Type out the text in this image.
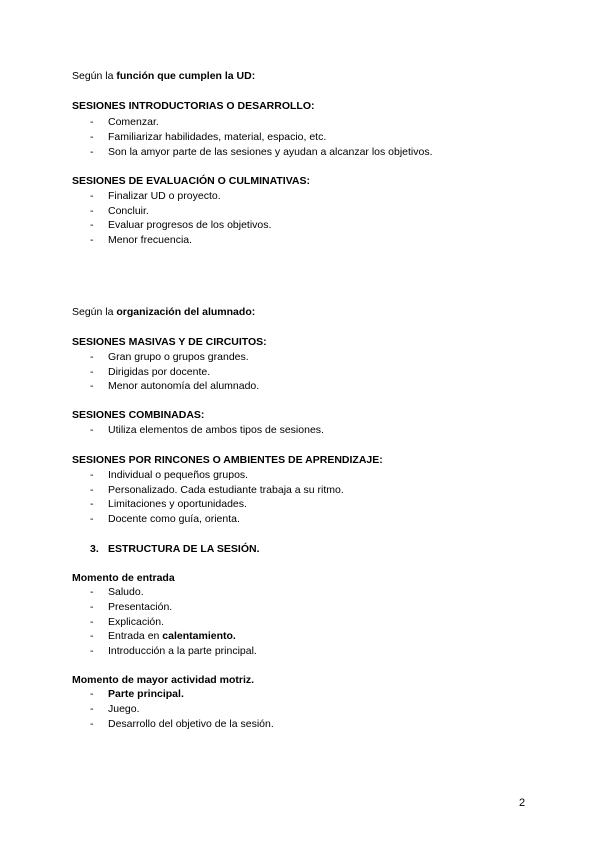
Según la función que cumplen la UD:
SESIONES INTRODUCTORIAS O DESARROLLO:
- Comenzar.
- Familiarizar habilidades, material, espacio, etc.
- Son la amyor parte de las sesiones y ayudan a alcanzar los objetivos.
SESIONES DE EVALUACIÓN O CULMINATIVAS:
- Finalizar UD o proyecto.
- Concluir.
- Evaluar progresos de los objetivos.
- Menor frecuencia.
Según la organización del alumnado:
SESIONES MASIVAS Y DE CIRCUITOS:
- Gran grupo o grupos grandes.
- Dirigidas por docente.
- Menor autonomía del alumnado.
SESIONES COMBINADAS:
- Utiliza elementos de ambos tipos de sesiones.
SESIONES POR RINCONES O AMBIENTES DE APRENDIZAJE:
- Individual o pequeños grupos.
- Personalizado. Cada estudiante trabaja a su ritmo.
- Limitaciones y oportunidades.
- Docente como guía, orienta.
3. ESTRUCTURA DE LA SESIÓN.
Momento de entrada
- Saludo.
- Presentación.
- Explicación.
- Entrada en calentamiento.
- Introducción a la parte principal.
Momento de mayor actividad motriz.
- Parte principal.
- Juego.
- Desarrollo del objetivo de la sesión.
2
